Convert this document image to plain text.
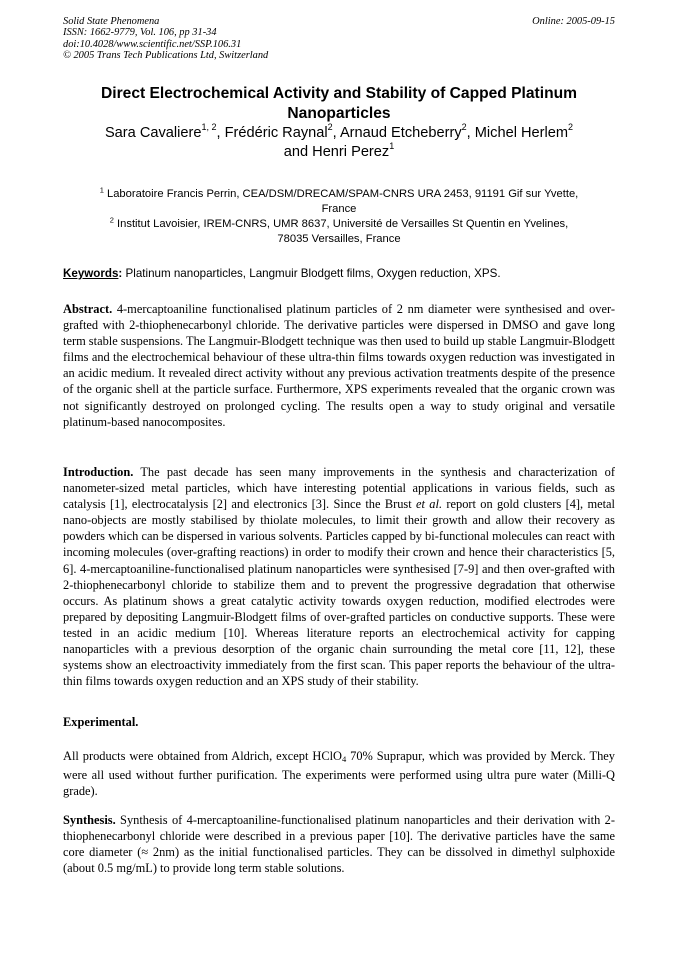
Solid State Phenomena
ISSN: 1662-9779, Vol. 106, pp 31-34
doi:10.4028/www.scientific.net/SSP.106.31
© 2005 Trans Tech Publications Ltd, Switzerland
Online: 2005-09-15
Direct Electrochemical Activity and Stability of Capped Platinum
Nanoparticles
Sara Cavaliere$^{1, 2}$, Frédéric Raynal$^2$, Arnaud Etcheberry$^2$, Michel Herlem$^2$
and Henri Perez$^1$
$^1$ Laboratoire Francis Perrin, CEA/DSM/DRECAM/SPAM-CNRS URA 2453, 91191 Gif sur Yvette,
France
$^2$ Institut Lavoisier, IREM-CNRS, UMR 8637, Université de Versailles St Quentin en Yvelines,
78035 Versailles, France
Keywords: Platinum nanoparticles, Langmuir Blodgett films, Oxygen reduction, XPS.
Abstract. 4-mercaptoaniline functionalised platinum particles of 2 nm diameter were synthesised and over-grafted with 2-thiophenecarbonyl chloride. The derivative particles were dispersed in DMSO and gave long term stable suspensions. The Langmuir-Blodgett technique was then used to build up stable Langmuir-Blodgett films and the electrochemical behaviour of these ultra-thin films towards oxygen reduction was investigated in an acidic medium. It revealed direct activity without any previous activation treatments despite of the presence of the organic shell at the particle surface. Furthermore, XPS experiments revealed that the organic crown was not significantly destroyed on prolonged cycling. The results open a way to study original and versatile platinum-based nanocomposites.
Introduction. The past decade has seen many improvements in the synthesis and characterization of nanometer-sized metal particles, which have interesting potential applications in various fields, such as catalysis [1], electrocatalysis [2] and electronics [3]. Since the Brust et al. report on gold clusters [4], metal nano-objects are mostly stabilised by thiolate molecules, to limit their growth and allow their recovery as powders which can be dispersed in various solvents. Particles capped by bi-functional molecules can react with incoming molecules (over-grafting reactions) in order to modify their crown and hence their characteristics [5, 6]. 4-mercaptoaniline-functionalised platinum nanoparticles were synthesised [7-9] and then over-grafted with 2-thiophenecarbonyl chloride to stabilize them and to prevent the progressive degradation that otherwise occurs. As platinum shows a great catalytic activity towards oxygen reduction, modified electrodes were prepared by depositing Langmuir-Blodgett films of over-grafted particles on conductive supports. These were tested in an acidic medium [10]. Whereas literature reports an electrochemical activity for capping nanoparticles with a previous desorption of the organic chain surrounding the metal core [11, 12], these systems show an electroactivity immediately from the first scan. This paper reports the behaviour of the ultra-thin films towards oxygen reduction and an XPS study of their stability.
Experimental.
All products were obtained from Aldrich, except HClO$_4$ 70% Suprapur, which was provided by Merck. They were all used without further purification. The experiments were performed using ultra pure water (Milli-Q grade).
Synthesis. Synthesis of 4-mercaptoaniline-functionalised platinum nanoparticles and their derivation with 2-thiophenecarbonyl chloride were described in a previous paper [10]. The derivative particles have the same core diameter (≈ 2nm) as the initial functionalised particles. They can be dissolved in dimethyl sulphoxide (about 0.5 mg/mL) to provide long term stable solutions.
